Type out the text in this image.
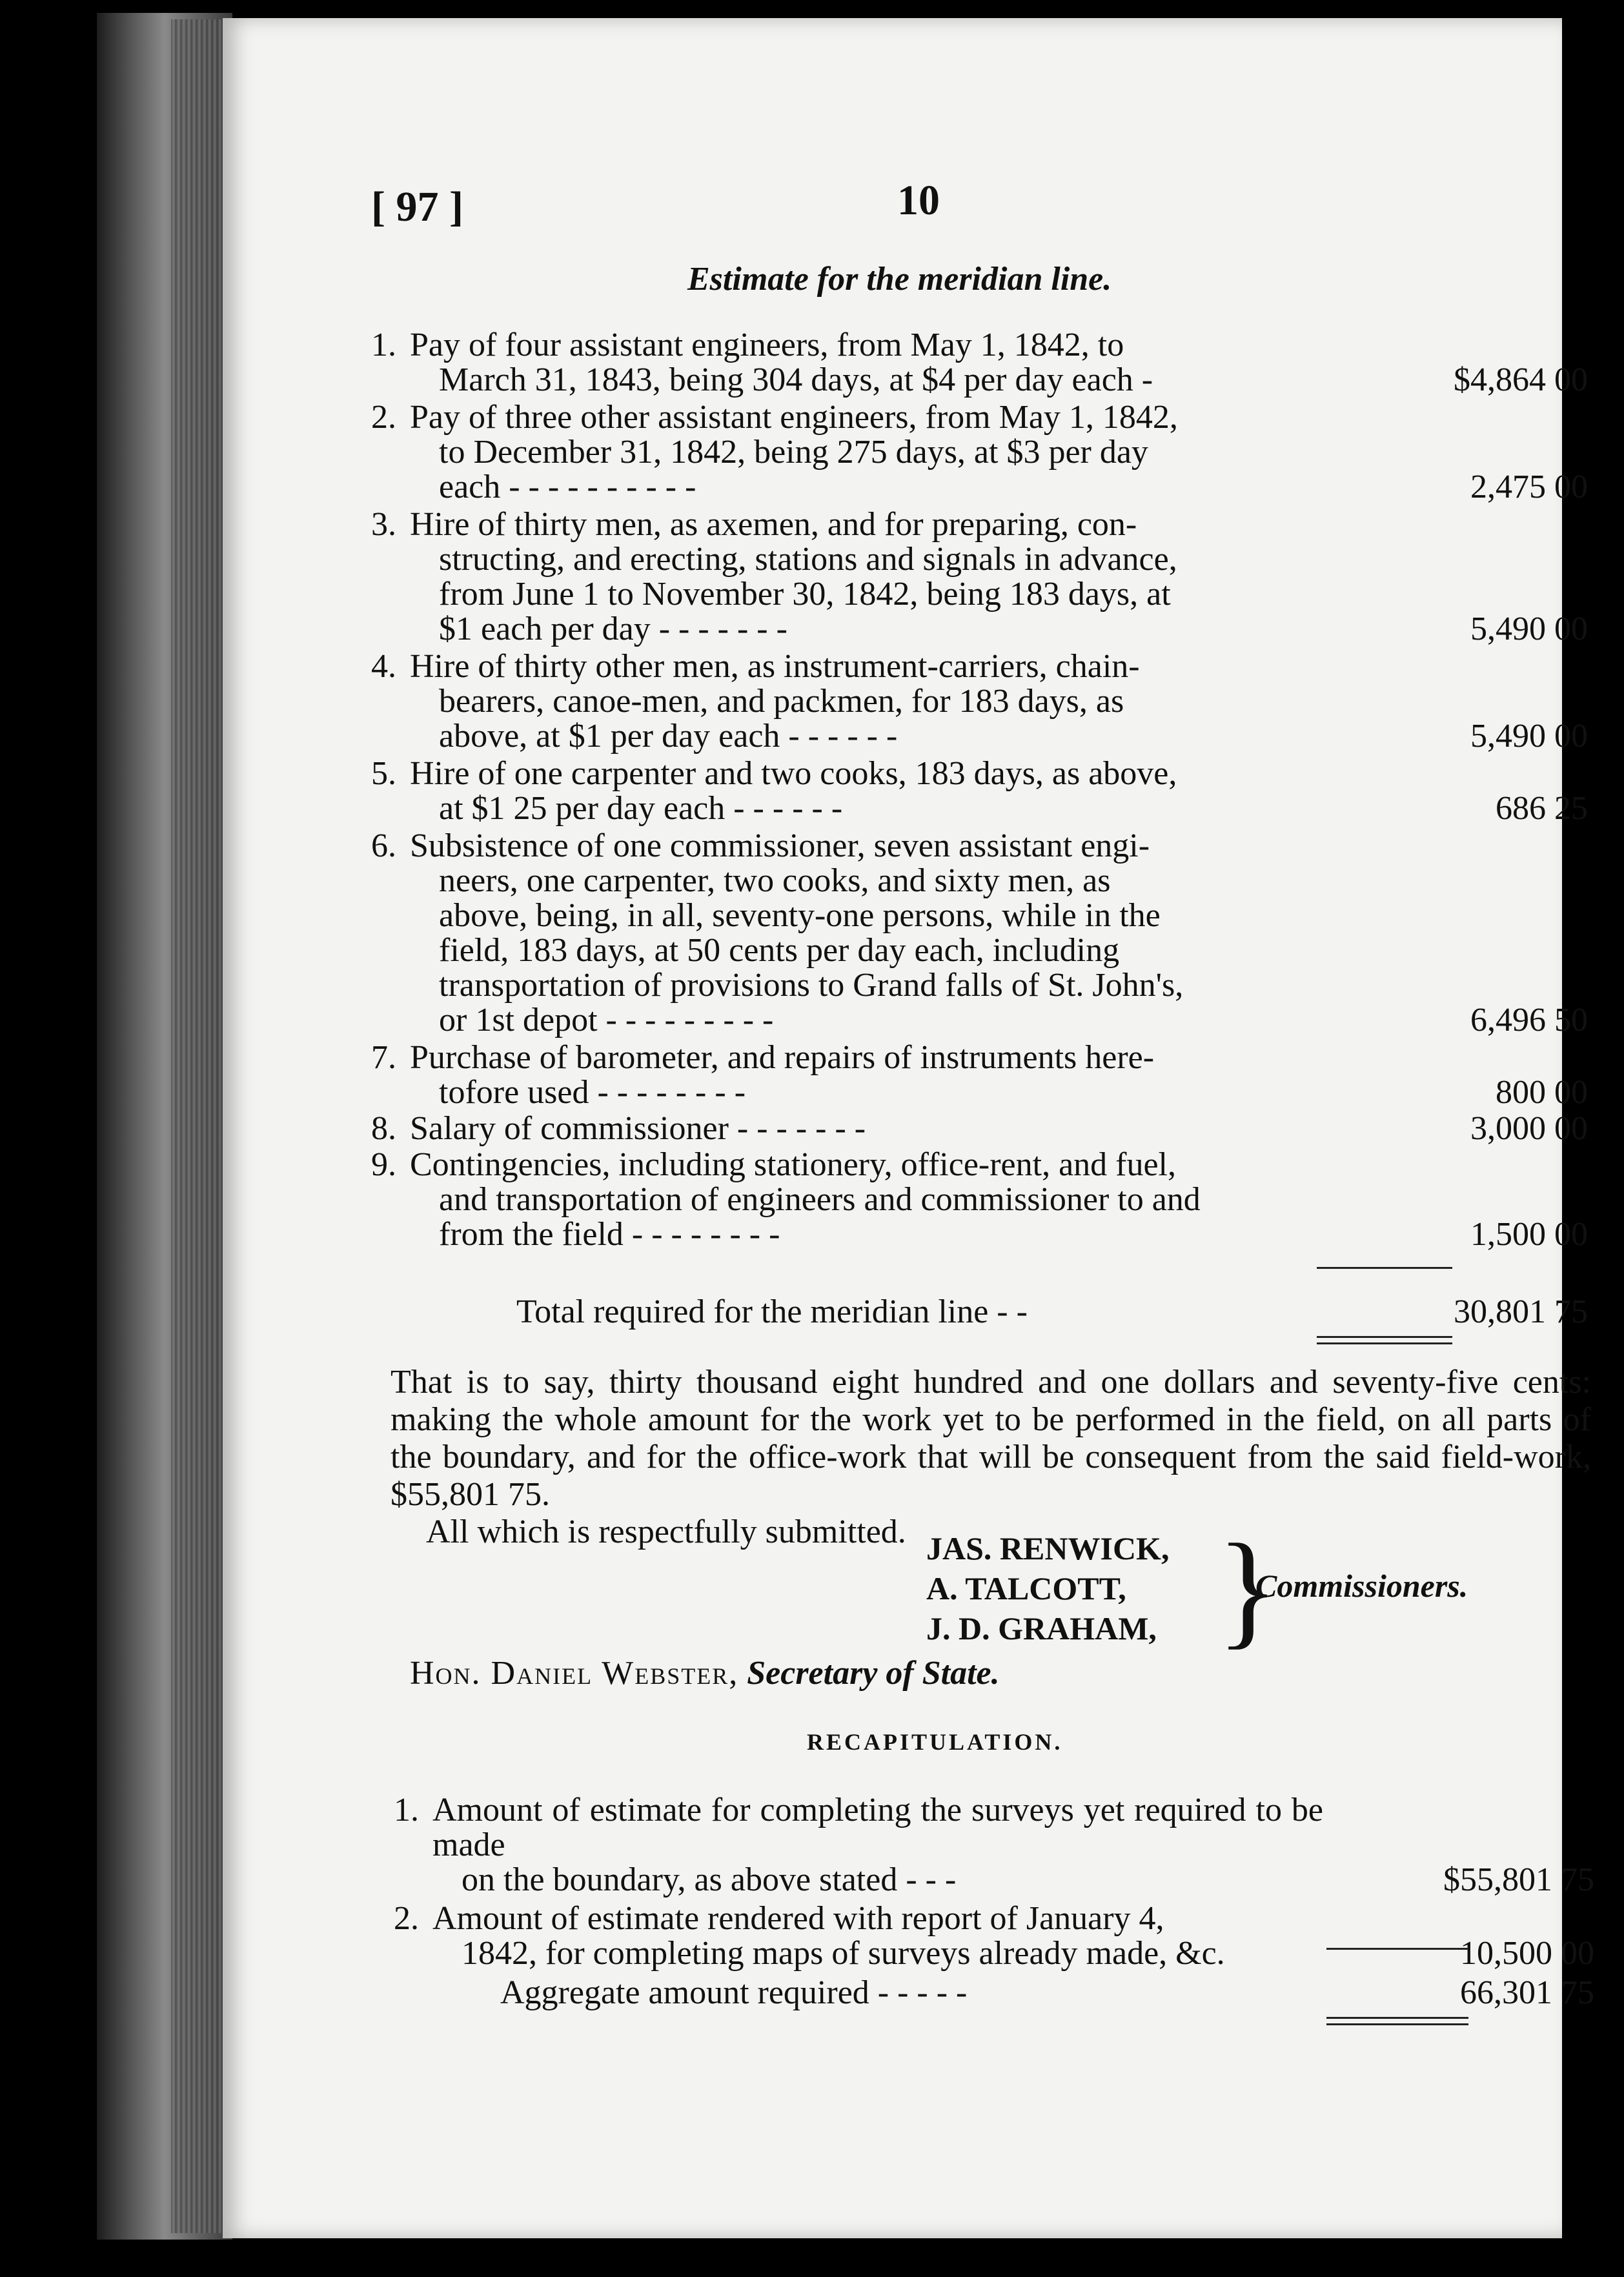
[ 97 ]	10
Estimate for the meridian line.
1. Pay of four assistant engineers, from May 1, 1842, to
March 31, 1843, being 304 days, at $4 per day each -	$4,864 00
2. Pay of three other assistant engineers, from May 1, 1842,
to December 31, 1842, being 275 days, at $3 per day
each - - - - - - - - - -	2,475 00
3. Hire of thirty men, as axemen, and for preparing, con-
structing, and erecting, stations and signals in advance,
from June 1 to November 30, 1842, being 183 days, at
$1 each per day - - - - - - -	5,490 00
4. Hire of thirty other men, as instrument-carriers, chain-
bearers, canoe-men, and packmen, for 183 days, as
above, at $1 per day each - - - - - -	5,490 00
5. Hire of one carpenter and two cooks, 183 days, as above,
at $1 25 per day each - - - - - -	686 25
6. Subsistence of one commissioner, seven assistant engi-
neers, one carpenter, two cooks, and sixty men, as
above, being, in all, seventy-one persons, while in the
field, 183 days, at 50 cents per day each, including
transportation of provisions to Grand falls of St. John's,
or 1st depot - - - - - - - - -	6,496 50
7. Purchase of barometer, and repairs of instruments here-
tofore used - - - - - - - -	800 00
8. Salary of commissioner - - - - - - -	3,000 00
9. Contingencies, including stationery, office-rent, and fuel,
and transportation of engineers and commissioner to and
from the field - - - - - - - -	1,500 00
Total required for the meridian line - -	30,801 75
That is to say, thirty thousand eight hundred and one dollars and seventy-five cents: making the whole amount for the work yet to be performed in the field, on all parts of the boundary, and for the office-work that will be consequent from the said field-work, $55,801 75.
All which is respectfully submitted. JAS. RENWICK,
A. TALCOTT,
J. D. GRAHAM, }
Commissioners.
Hon. Daniel Webster, Secretary of State.
RECAPITULATION.
1. Amount of estimate for completing the surveys yet required to be made
on the boundary, as above stated - - -	$55,801 75
2. Amount of estimate rendered with report of January 4,
1842, for completing maps of surveys already made, &c.	10,500 00
Aggregate amount required - - - - -	66,301 75
